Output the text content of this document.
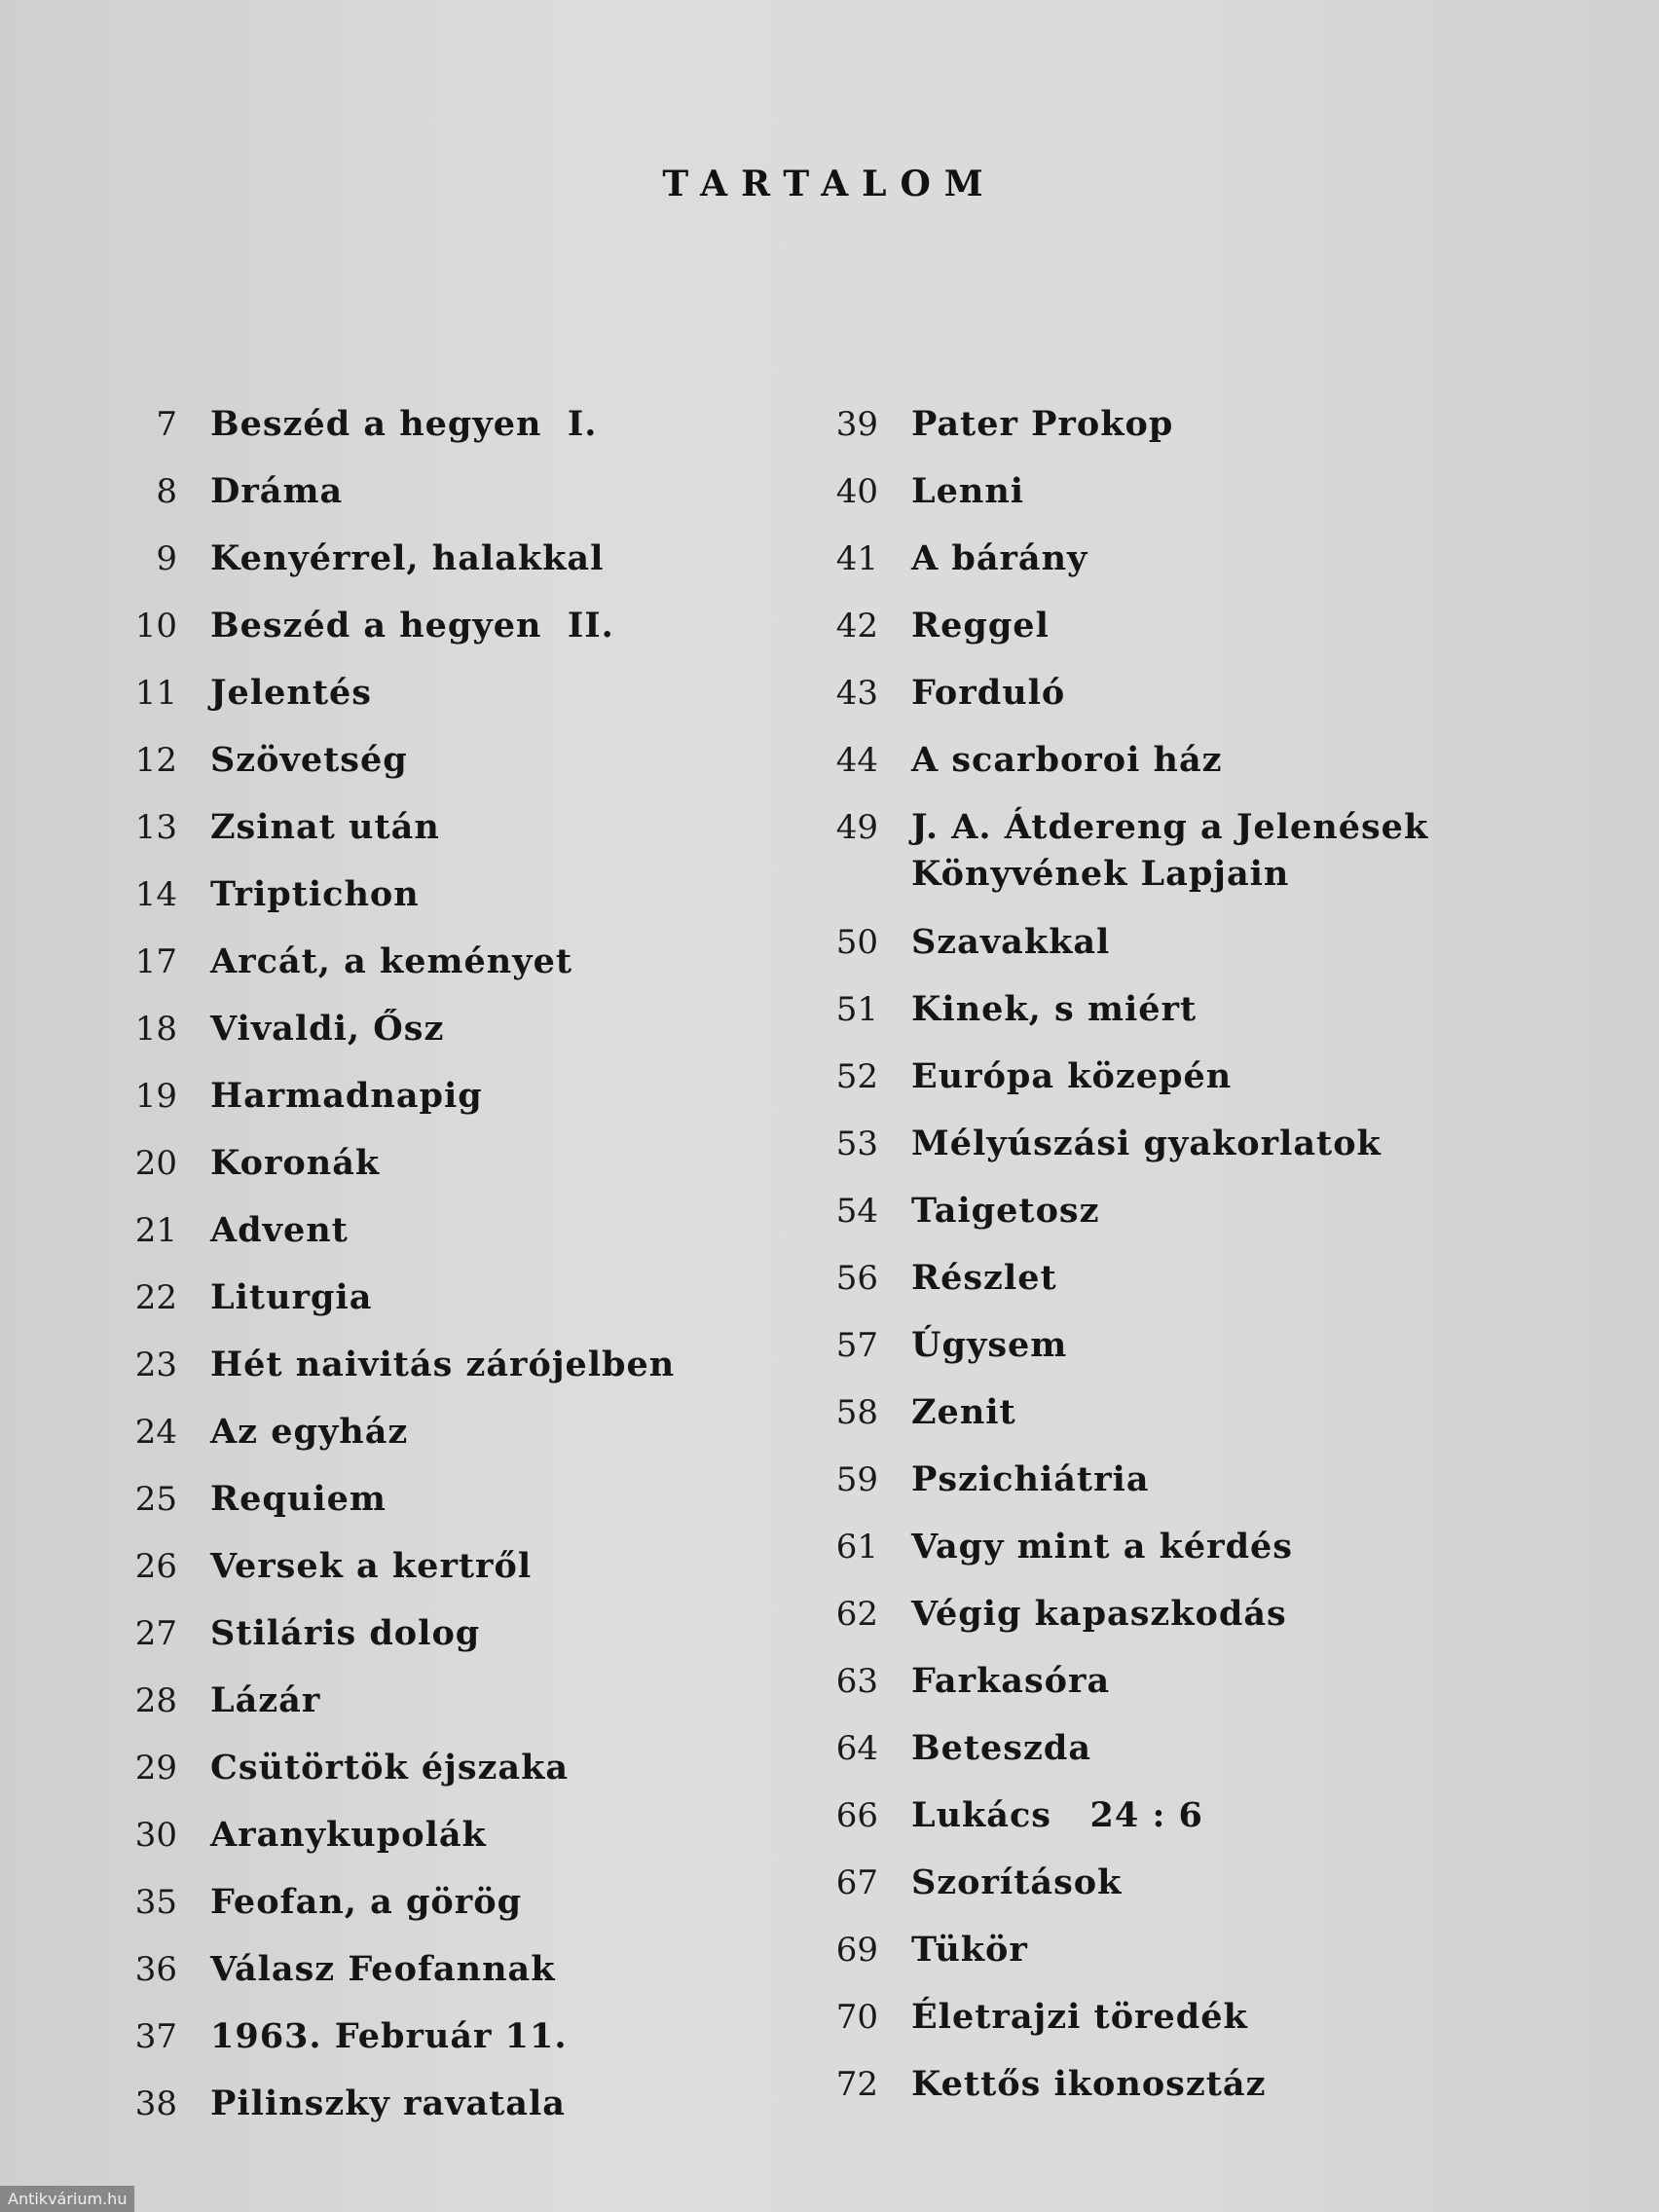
TARTALOM
7 Beszéd a hegyen  I.
8 Dráma
9 Kenyérrel, halakkal
10 Beszéd a hegyen  II.
11 Jelentés
12 Szövetség
13 Zsinat után
14 Triptichon
17 Arcát, a keményet
18 Vivaldi, Ősz
19 Harmadnapig
20 Koronák
21 Advent
22 Liturgia
23 Hét naivitás zárójelben
24 Az egyház
25 Requiem
26 Versek a kertről
27 Stiláris dolog
28 Lázár
29 Csütörtök éjszaka
30 Aranykupolák
35 Feofan, a görög
36 Válasz Feofannak
37 1963. Február 11.
38 Pilinszky ravatala
39 Pater Prokop
40 Lenni
41 A bárány
42 Reggel
43 Forduló
44 A scarboroi ház
49 J. A. Átdereng a Jelenések
Könyvének Lapjain
50 Szavakkal
51 Kinek, s miért
52 Európa közepén
53 Mélyúszási gyakorlatok
54 Taigetosz
56 Részlet
57 Úgysem
58 Zenit
59 Pszichiátria
61 Vagy mint a kérdés
62 Végig kapaszkodás
63 Farkasóra
64 Beteszda
66 Lukács   24 : 6
67 Szorítások
69 Tükör
70 Életrajzi töredék
72 Kettős ikonosztáz
Antikvárium.hu
